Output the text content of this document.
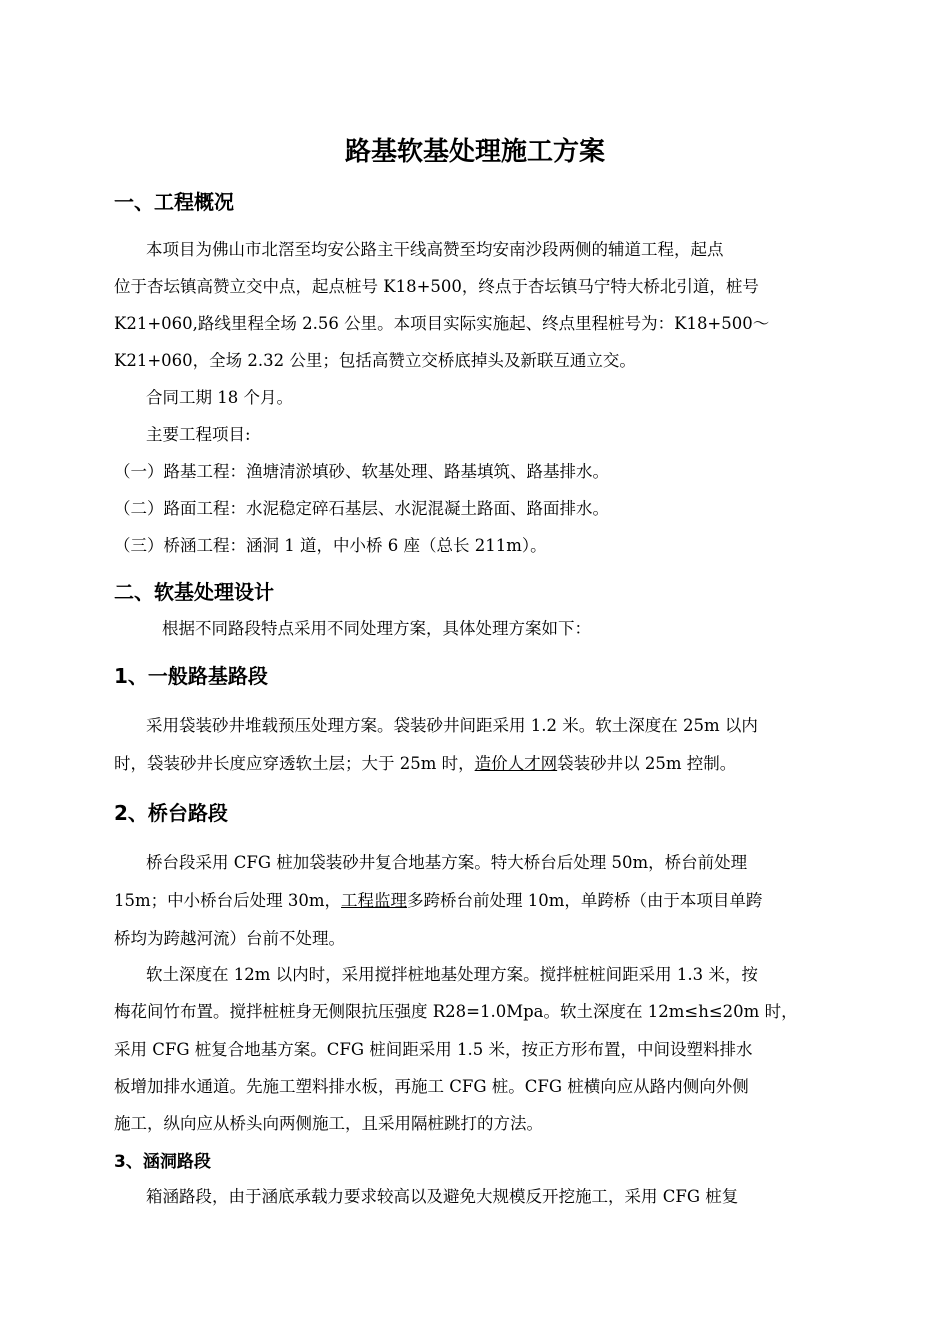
路基软基处理施工方案
一、工程概况
本项目为佛山市北滘至均安公路主干线高赞至均安南沙段两侧的辅道工程，起点
位于杏坛镇高赞立交中点，起点桩号 K18+500，终点于杏坛镇马宁特大桥北引道，桩号
K21+060,路线里程全场 2.56 公里。本项目实际实施起、终点里程桩号为：K18+500～
K21+060，全场 2.32 公里；包括高赞立交桥底掉头及新联互通立交。
合同工期 18 个月。
主要工程项目:
（一）路基工程：渔塘清淤填砂、软基处理、路基填筑、路基排水。
（二）路面工程：水泥稳定碎石基层、水泥混凝土路面、路面排水。
（三）桥涵工程：涵洞 1 道，中小桥 6 座（总长 211m）。
二、软基处理设计
根据不同路段特点采用不同处理方案，具体处理方案如下：
1、一般路基路段
采用袋装砂井堆载预压处理方案。袋装砂井间距采用 1.2 米。软土深度在 25m 以内
时，袋装砂井长度应穿透软土层；大于 25m 时，造价人才网袋装砂井以 25m 控制。
2、桥台路段
桥台段采用 CFG 桩加袋装砂井复合地基方案。特大桥台后处理 50m，桥台前处理
15m；中小桥台后处理 30m，工程监理多跨桥台前处理 10m，单跨桥（由于本项目单跨
桥均为跨越河流）台前不处理。
软土深度在 12m 以内时，采用搅拌桩地基处理方案。搅拌桩桩间距采用 1.3 米，按
梅花间竹布置。搅拌桩桩身无侧限抗压强度 R28=1.0Mpa。软土深度在 12m≤h≤20m 时，
采用 CFG 桩复合地基方案。CFG 桩间距采用 1.5 米，按正方形布置，中间设塑料排水
板增加排水通道。先施工塑料排水板，再施工 CFG 桩。CFG 桩横向应从路内侧向外侧
施工，纵向应从桥头向两侧施工，且采用隔桩跳打的方法。
3、涵洞路段
箱涵路段，由于涵底承载力要求较高以及避免大规模反开挖施工，采用 CFG 桩复
